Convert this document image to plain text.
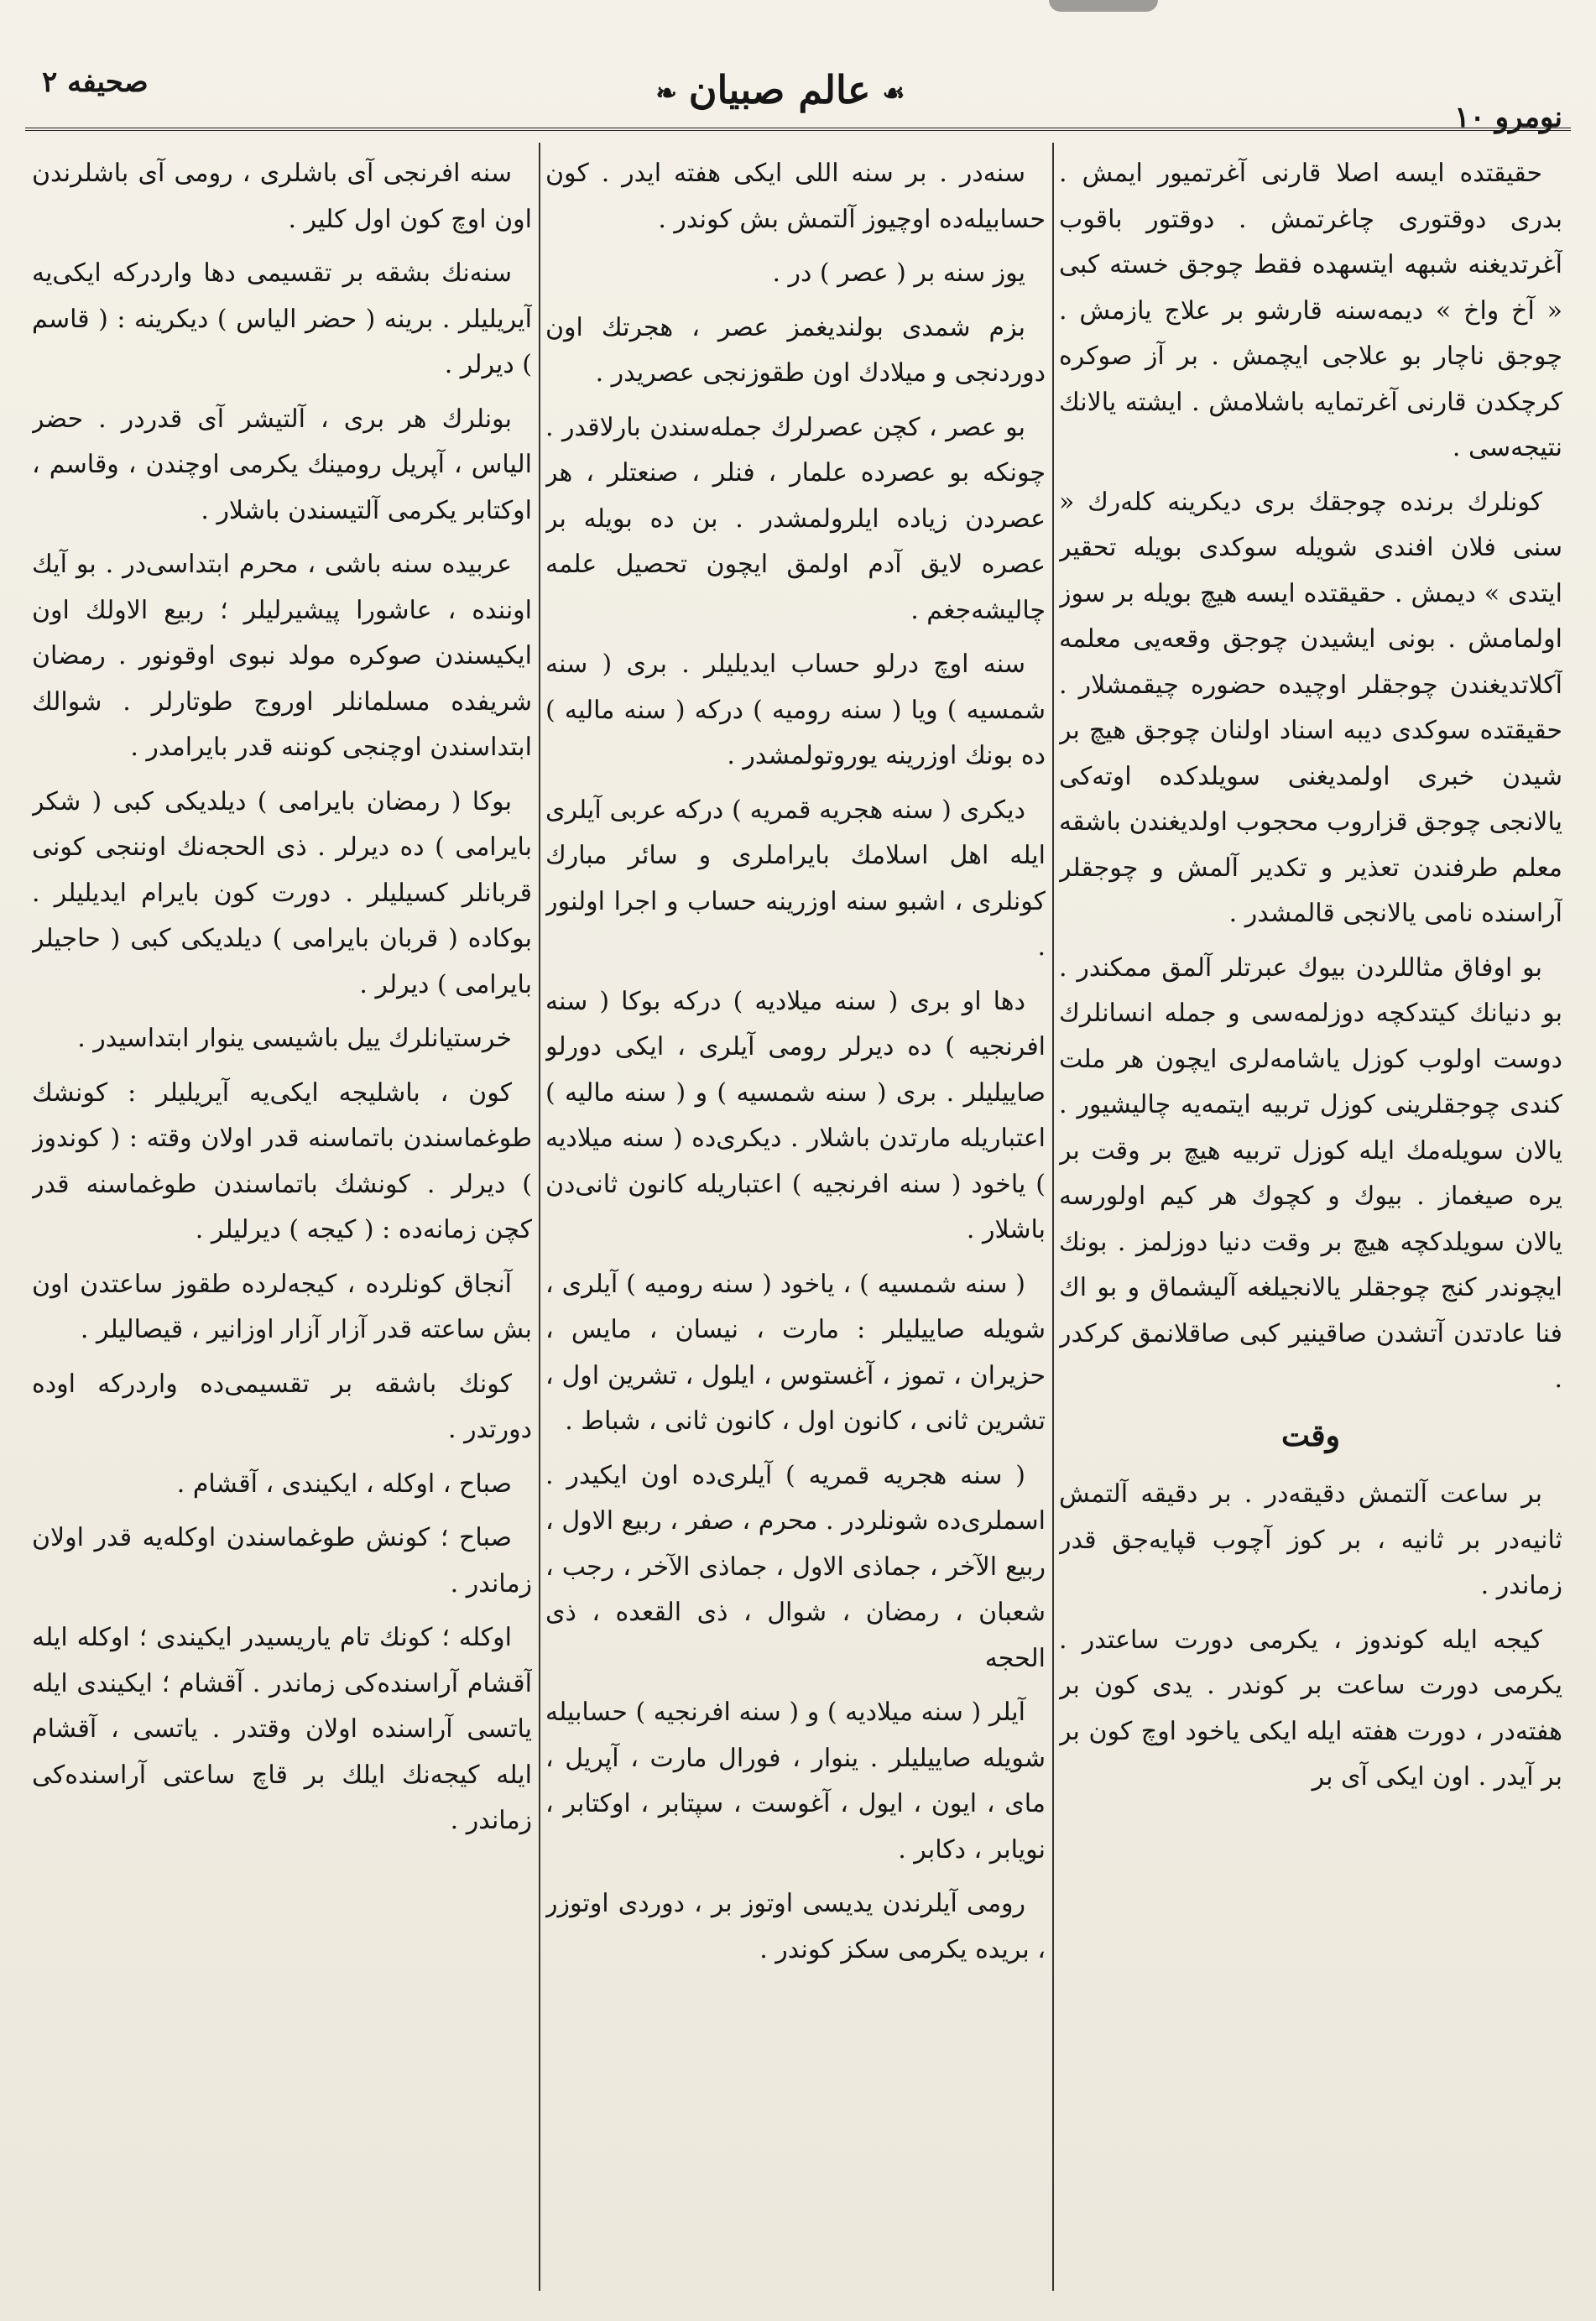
نومرو ١٠
☙عالم صبيان❧
صحيفه ٢

حقيقتده ايسه اصلا قارنى آغرتميور ايمش . بدرى دوقتورى چاغرتمش . دوقتور باقوب آغرتديغنه شبهه ايتسهده فقط چوجق خسته كبى « آخ واخ » ديمه‌سنه قارشو بر علاج يازمش . چوجق ناچار بو علاجى ايچمش . بر آز صوكره كرچكدن قارنى آغرتمايه باشلامش . ايشته يالانك نتيجه‌سى .

كونلرك برنده چوجقك برى ديكرينه كله‌رك « سنى فلان افندى شويله سوكدى بويله تحقير ايتدى » ديمش . حقيقتده ايسه هيچ بويله بر سوز اولمامش . بونى ايشيدن چوجق وقعه‌يى معلمه آكلاتديغندن چوجقلر اوچيده حضوره چيقمشلار . حقيقتده سوكدى ديبه اسناد اولنان چوجق هيچ بر شيدن خبرى اولمديغنى سويلدكده اوته‌كى يالانجى چوجق قزاروب محجوب اولديغندن باشقه معلم طرفندن تعذير و تكدير آلمش و چوجقلر آراسنده نامى يالانجى قالمشدر .

بو اوفاق مثاللردن بيوك عبرتلر آلمق ممكندر . بو دنيانك كيتدكچه دوزلمه‌سى و جمله انسانلرك دوست اولوب كوزل ياشامه‌لرى ايچون هر ملت كندى چوجقلرينى كوزل تربيه ايتمه‌يه چاليشيور . يالان سويله‌مك ايله كوزل تربيه هيچ بر وقت بر يره صيغماز . بيوك و كچوك هر كيم اولورسه يالان سويلدكچه هيچ بر وقت دنيا دوزلمز . بونك ايچوندر كنج چوجقلر يالانجيلغه آليشماق و بو اك فنا عادتدن آتشدن صاقينير كبى صاقلانمق كركدر .

وقت

بر ساعت آلتمش دقيقه‌در . بر دقيقه آلتمش ثانيه‌در بر ثانيه ، بر كوز آچوب قپايه‌جق قدر زماندر .

كيجه ايله كوندوز ، يكرمى دورت ساعتدر . يكرمى دورت ساعت بر كوندر . يدى كون بر هفته‌در ، دورت هفته ايله ايكى ياخود اوچ كون بر بر آيدر . اون ايكى آى بر

سنه‌در . بر سنه اللى ايكى هفته ايدر . كون حسابيله‌ده اوچيوز آلتمش بش كوندر .

يوز سنه بر ( عصر ) در .

بزم شمدى بولنديغمز عصر ، هجرتك اون دوردنجى و ميلادك اون طقوزنجى عصريدر .

بو عصر ، كچن عصرلرك جمله‌سندن بارلاقدر . چونكه بو عصرده علمار ، فنلر ، صنعتلر ، هر عصردن زياده ايلرولمشدر . بن ده بويله بر عصره لايق آدم اولمق ايچون تحصيل علمه چاليشه‌جغم .

سنه اوچ درلو حساب ايديليلر . برى ( سنه شمسيه ) ويا ( سنه روميه ) دركه ( سنه ماليه ) ده بونك اوزرينه يوروتولمشدر .

ديكرى ( سنه هجريه قمريه ) دركه عربى آيلرى ايله اهل اسلامك بايراملرى و سائر مبارك كونلرى ، اشبو سنه اوزرينه حساب و اجرا اولنور .

دها او برى ( سنه ميلاديه ) دركه بوكا ( سنه افرنجيه ) ده ديرلر رومى آيلرى ، ايكى دورلو صاييليلر . برى ( سنه شمسيه ) و ( سنه ماليه ) اعتباريله مارتدن باشلار . ديكرى‌ده ( سنه ميلاديه ) ياخود ( سنه افرنجيه ) اعتباريله كانون ثانى‌دن باشلار .

( سنه شمسيه ) ، ياخود ( سنه روميه ) آيلرى ، شويله صاييليلر : مارت ، نيسان ، مايس ، حزيران ، تموز ، آغستوس ، ايلول ، تشرين اول ، تشرين ثانى ، كانون اول ، كانون ثانى ، شباط .

( سنه هجريه قمريه ) آيلرى‌ده اون ايكيدر . اسملرى‌ده شونلردر . محرم ، صفر ، ربيع الاول ، ربيع الآخر ، جماذى الاول ، جماذى الآخر ، رجب ، شعبان ، رمضان ، شوال ، ذى القعده ، ذى الحجه

آيلر ( سنه ميلاديه ) و ( سنه افرنجيه ) حسابيله شويله صاييليلر . ينوار ، فورال مارت ، آپريل ، ماى ، ايون ، ايول ، آغوست ، سپتابر ، اوكتابر ، نويابر ، دكابر .

رومى آيلرندن يديسى اوتوز بر ، دوردى اوتوزر ، بريده يكرمى سكز كوندر .

سنه افرنجى آى باشلرى ، رومى آى باشلرندن اون اوچ كون اول كلير .

سنه‌نك بشقه بر تقسيمى دها واردركه ايكى‌يه آيريليلر . برينه ( حضر الياس ) ديكرينه : ( قاسم ) ديرلر .

بونلرك هر برى ، آلتيشر آى قدردر . حضر الياس ، آپريل رومينك يكرمى اوچندن ، وقاسم ، اوكتابر يكرمى آلتيسندن باشلار .

عربيده سنه باشى ، محرم ابتداسى‌در . بو آيك اوننده ، عاشورا پيشيرليلر ؛ ربيع الاولك اون ايكيسندن صوكره مولد نبوى اوقونور . رمضان شريفده مسلمانلر اوروج طوتارلر . شوالك ابتداسندن اوچنجى كوننه قدر بايرامدر .

بوكا ( رمضان بايرامى ) ديلديكى كبى ( شكر بايرامى ) ده ديرلر . ذى الحجه‌نك اوننجى كونى قربانلر كسيليلر . دورت كون بايرام ايديليلر . بوكاده ( قربان بايرامى ) ديلديكى كبى ( حاجيلر بايرامى ) ديرلر .

خرستيانلرك ييل باشيسى ينوار ابتداسيدر .

كون ، باشليجه ايكى‌يه آيريليلر : كونشك طوغماسندن باتماسنه قدر اولان وقته : ( كوندوز ) ديرلر . كونشك باتماسندن طوغماسنه قدر كچن زمانه‌ده : ( كيجه ) ديرليلر .

آنجاق كونلرده ، كيجه‌لرده طقوز ساعتدن اون بش ساعته قدر آزار آزار اوزانير ، قيصاليلر .

كونك باشقه بر تقسيمى‌ده واردركه اوده دورتدر .

صباح ، اوكله ، ايكيندى ، آقشام .

صباح ؛ كونش طوغماسندن اوكله‌يه قدر اولان زماندر .

اوكله ؛ كونك تام ياريسيدر ايكيندى ؛ اوكله ايله آقشام آراسنده‌كى زماندر . آقشام ؛ ايكيندى ايله ياتسى آراسنده اولان وقتدر . ياتسى ، آقشام ايله كيجه‌نك ايلك بر قاچ ساعتى آراسنده‌كى زماندر .
